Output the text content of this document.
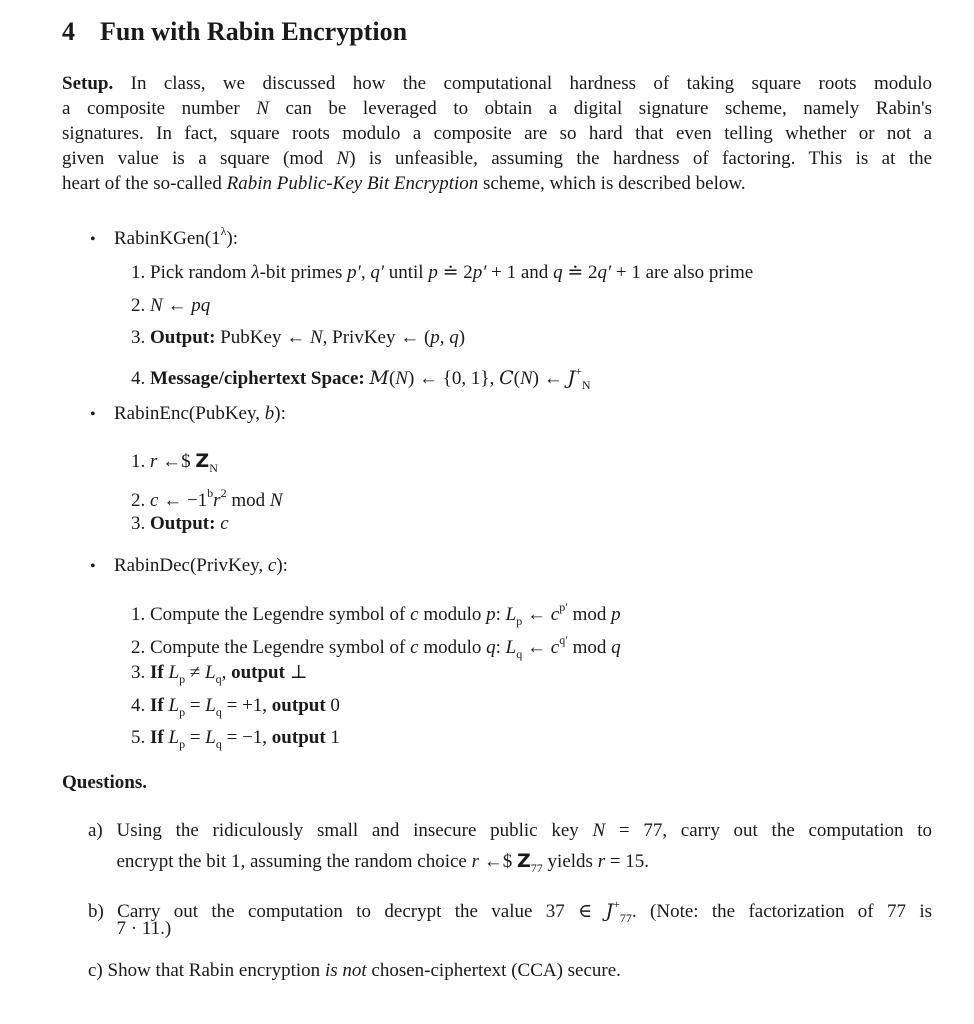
4 Fun with Rabin Encryption
Setup. In class, we discussed how the computational hardness of taking square roots modulo
a composite number N can be leveraged to obtain a digital signature scheme, namely Rabin's
signatures. In fact, square roots modulo a composite are so hard that even telling whether or not a
given value is a square (mod N) is unfeasible, assuming the hardness of factoring. This is at the
heart of the so-called Rabin Public-Key Bit Encryption scheme, which is described below.
• $RabinKGen(1^\lambda)$:
1. Pick random λ-bit primes p′, q′ until p ≐ 2p′ + 1 and q ≐ 2q′ + 1 are also prime
2. N ← pq
3. Output: PubKey ← N, PrivKey ← (p, q)
4. Message/ciphertext Space: M(N) ← {0, 1}, C(N) ← $J^+_N$
• RabinEnc(PubKey, b):
1. r ←$ $Z_N$
2. c ← $-1^br^2$ mod N
3. Output: c
• RabinDec(PrivKey, c):
1. Compute the Legendre symbol of c modulo p: $L_p$ ← $c^{p'}$ mod p
2. Compute the Legendre symbol of c modulo q: $L_q$ ← $c^{q'}$ mod q
3. If $L_p \ne L_q$, output ⊥
4. If $L_p = L_q = +1$, output 0
5. If $L_p = L_q = -1$, output 1
Questions.
a) Using the ridiculously small and insecure public key N = 77, carry out the computation to
encrypt the bit 1, assuming the random choice r ←$ $Z_{77}$ yields r = 15.
b) Carry out the computation to decrypt the value 37 ∈ $J^+_{77}$. (Note: the factorization of 77 is
7 · 11.)
c) Show that Rabin encryption is not chosen-ciphertext (CCA) secure.
